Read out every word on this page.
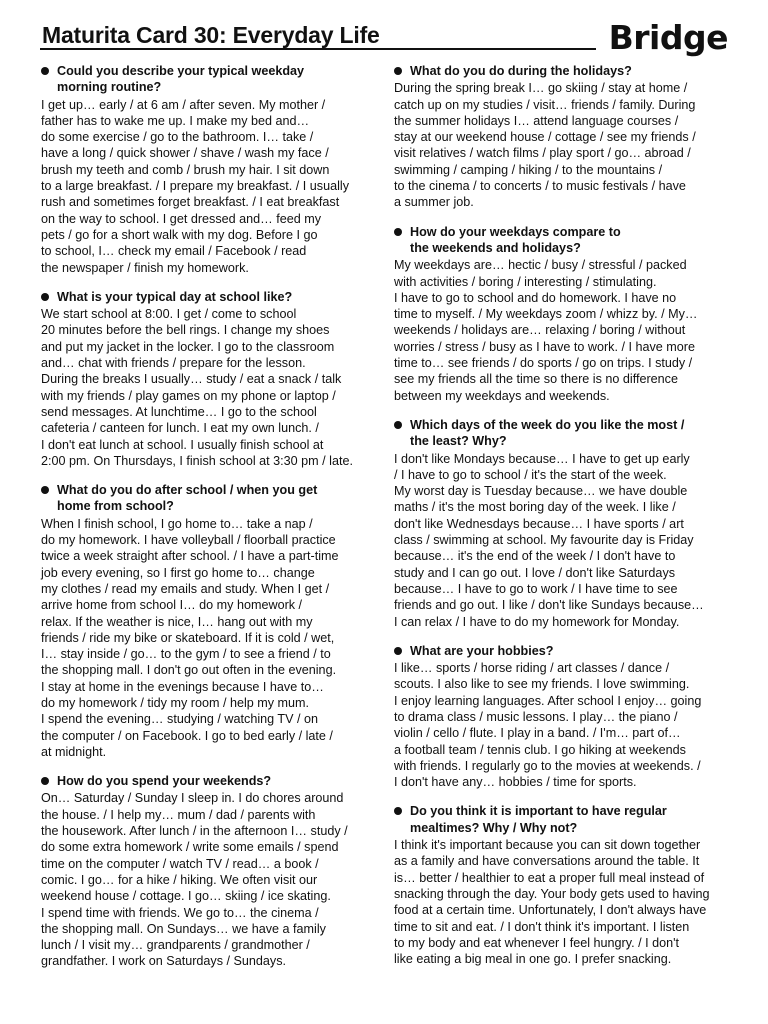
Maturita Card 30: Everyday Life	Bridge
Could you describe your typical weekday
morning routine?
I get up… early / at 6 am / after seven. My mother /
father has to wake me up. I make my bed and…
do some exercise / go to the bathroom. I… take /
have a long / quick shower / shave / wash my face /
brush my teeth and comb / brush my hair. I sit down
to a large breakfast. / I prepare my breakfast. / I usually
rush and sometimes forget breakfast. / I eat breakfast
on the way to school. I get dressed and… feed my
pets / go for a short walk with my dog. Before I go
to school, I… check my email / Facebook / read
the newspaper / finish my homework.
What is your typical day at school like?
We start school at 8:00. I get / come to school
20 minutes before the bell rings. I change my shoes
and put my jacket in the locker. I go to the classroom
and… chat with friends / prepare for the lesson.
During the breaks I usually… study / eat a snack / talk
with my friends / play games on my phone or laptop /
send messages. At lunchtime… I go to the school
cafeteria / canteen for lunch. I eat my own lunch. /
I don't eat lunch at school. I usually finish school at
2:00 pm. On Thursdays, I finish school at 3:30 pm / late.
What do you do after school / when you get
home from school?
When I finish school, I go home to… take a nap /
do my homework. I have volleyball / floorball practice
twice a week straight after school. / I have a part-time
job every evening, so I first go home to… change
my clothes / read my emails and study. When I get /
arrive home from school I… do my homework /
relax. If the weather is nice, I… hang out with my
friends / ride my bike or skateboard. If it is cold / wet,
I… stay inside / go… to the gym / to see a friend / to
the shopping mall. I don't go out often in the evening.
I stay at home in the evenings because I have to…
do my homework / tidy my room / help my mum.
I spend the evening… studying / watching TV / on
the computer / on Facebook. I go to bed early / late /
at midnight.
How do you spend your weekends?
On… Saturday / Sunday I sleep in. I do chores around
the house. / I help my… mum / dad / parents with
the housework. After lunch / in the afternoon I… study /
do some extra homework / write some emails / spend
time on the computer / watch TV / read… a book /
comic. I go… for a hike / hiking. We often visit our
weekend house / cottage. I go… skiing / ice skating.
I spend time with friends. We go to… the cinema /
the shopping mall. On Sundays… we have a family
lunch / I visit my… grandparents / grandmother /
grandfather. I work on Saturdays / Sundays.
What do you do during the holidays?
During the spring break I… go skiing / stay at home /
catch up on my studies / visit… friends / family. During
the summer holidays I… attend language courses /
stay at our weekend house / cottage / see my friends /
visit relatives / watch films / play sport / go… abroad /
swimming / camping / hiking / to the mountains /
to the cinema / to concerts / to music festivals / have
a summer job.
How do your weekdays compare to
the weekends and holidays?
My weekdays are… hectic / busy / stressful / packed
with activities / boring / interesting / stimulating.
I have to go to school and do homework. I have no
time to myself. / My weekdays zoom / whizz by. / My…
weekends / holidays are… relaxing / boring / without
worries / stress / busy as I have to work. / I have more
time to… see friends / do sports / go on trips. I study /
see my friends all the time so there is no difference
between my weekdays and weekends.
Which days of the week do you like the most /
the least? Why?
I don't like Mondays because… I have to get up early
/ I have to go to school / it's the start of the week.
My worst day is Tuesday because… we have double
maths / it's the most boring day of the week. I like /
don't like Wednesdays because… I have sports / art
class / swimming at school. My favourite day is Friday
because… it's the end of the week / I don't have to
study and I can go out. I love / don't like Saturdays
because… I have to go to work / I have time to see
friends and go out. I like / don't like Sundays because…
I can relax / I have to do my homework for Monday.
What are your hobbies?
I like… sports / horse riding / art classes / dance /
scouts. I also like to see my friends. I love swimming.
I enjoy learning languages. After school I enjoy… going
to drama class / music lessons. I play… the piano /
violin / cello / flute. I play in a band. / I'm… part of…
a football team / tennis club. I go hiking at weekends
with friends. I regularly go to the movies at weekends. /
I don't have any… hobbies / time for sports.
Do you think it is important to have regular
mealtimes? Why / Why not?
I think it's important because you can sit down together
as a family and have conversations around the table. It
is… better / healthier to eat a proper full meal instead of
snacking through the day. Your body gets used to having
food at a certain time. Unfortunately, I don't always have
time to sit and eat. / I don't think it's important. I listen
to my body and eat whenever I feel hungry. / I don't
like eating a big meal in one go. I prefer snacking.
